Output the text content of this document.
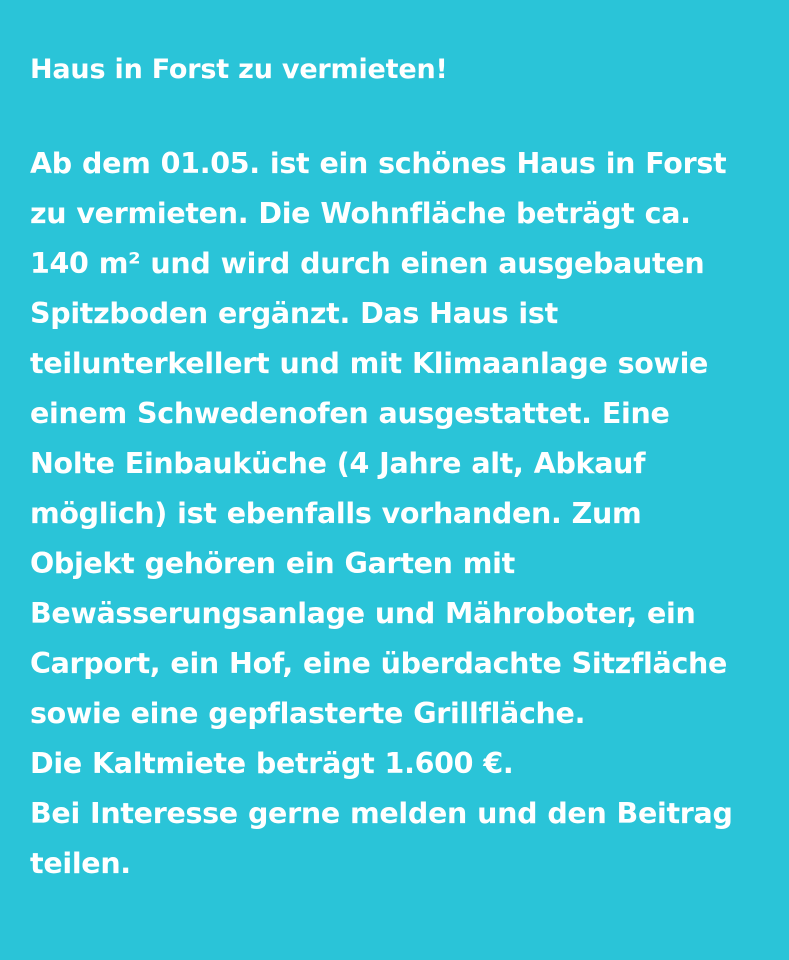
Haus in Forst zu vermieten!

Ab dem 01.05. ist ein schönes Haus in Forst zu vermieten. Die Wohnfläche beträgt ca. 140 m² und wird durch einen ausgebauten Spitzboden ergänzt. Das Haus ist teilunterkellert und mit Klimaanlage sowie einem Schwedenofen ausgestattet. Eine Nolte Einbauküche (4 Jahre alt, Abkauf möglich) ist ebenfalls vorhanden. Zum Objekt gehören ein Garten mit Bewässerungsanlage und Mähroboter, ein Carport, ein Hof, eine überdachte Sitzfläche sowie eine gepflasterte Grillfläche.

Die Kaltmiete beträgt 1.600 €.

Bei Interesse gerne melden und den Beitrag teilen.
